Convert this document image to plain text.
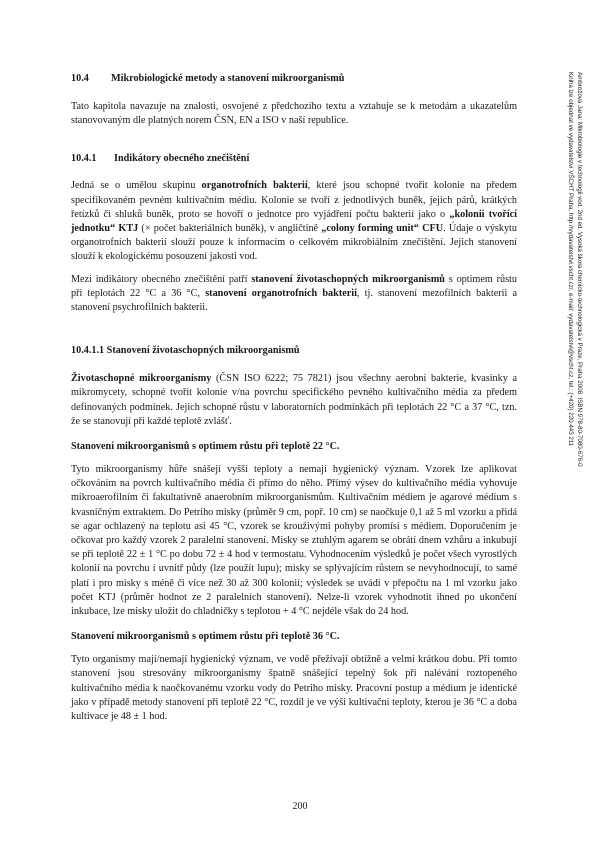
10.4 Mikrobiologické metody a stanovení mikroorganismů

Tato kapitola navazuje na znalosti, osvojené z předchozího textu a vztahuje se k metodám a ukazatelům stanovovaným dle platných norem ČSN, EN a ISO v naší republice.

10.4.1 Indikátory obecného znečištění

Jedná se o umělou skupinu organotrofních bakterií, které jsou schopné tvořit kolonie na předem specifikovaném pevném kultivačním médiu. Kolonie se tvoří z jednotlivých buněk, jejich párů, krátkých řetízků či shluků buněk, proto se hovoří o jednotce pro vyjádření počtu bakterií jako o „kolonii tvořící jednotku“ KTJ (× počet bakteriálních buněk), v angličtině „colony forming unit“ CFU. Údaje o výskytu organotrofních bakterií slouží pouze k informacím o celkovém mikrobiálním znečištění. Jejich stanovení slouží k ekologickému posouzení jakosti vod.

Mezi indikátory obecného znečištění patří stanovení životaschopných mikroorganismů s optimem růstu při teplotách 22 °C a 36 °C, stanovení organotrofních bakterií, tj. stanovení mezofilních bakterii a stanovení psychrofilních bakterii.

10.4.1.1 Stanovení životaschopných mikroorganismů

Životaschopné mikroorganismy (ČSN ISO 6222; 75 7821) jsou všechny aerobní bakterie, kvasinky a mikromycety, schopné tvořit kolonie v/na povrchu specifického pevného kultivačního média za předem definovaných podmínek. Jejich schopné růstu v laboratorních podmínkách při teplotách 22 °C a 37 °C, tzn. že se stanovují při každé teplotě zvlášť.

Stanovení mikroorganismů s optimem růstu při teplotě 22 °C.

Tyto mikroorganismy hůře snášejí vyšší teploty a nemají hygienický význam. Vzorek lze aplikovat očkováním na povrch kultivačního média či přímo do něho. Přímý výsev do kultivačního média vyhovuje mikroaerofilním či fakultativně anaerobním mikroorganismům. Kultivačním médiem je agarové médium s kvasničným extraktem. Do Petriho misky (průměr 9 cm, popř. 10 cm) se naočkuje 0,1 až 5 ml vzorku a přidá se agar ochlazený na teplotu asi 45 °C, vzorek se krouživými pohyby promísí s médiem. Doporučením je očkovat pro každý vzorek 2 paralelní stanovení. Misky se ztuhlým agarem se obrátí dnem vzhůru a inkubují se při teplotě 22 ± 1 °C po dobu 72 ± 4 hod v termostatu. Vyhodnocením výsledků je počet všech vyrostlých kolonií na povrchu i uvnitř půdy (lze použít lupu); misky se splývajícím růstem se nevyhodnocují, to samé platí i pro misky s méně či více než 30 až 300 kolonií; výsledek se uvádí v přepočtu na 1 ml vzorku jako počet KTJ (průměr hodnot ze 2 paralelních stanovení). Nelze-li vzorek vyhodnotit ihned po ukončení inkubace, lze misky uložit do chladničky s teplotou + 4 °C nejdéle však do 24 hod.

Stanovení mikroorganismů s optimem růstu při teplotě 36 °C.

Tyto organismy mají/nemají hygienický význam, ve vodě přežívají obtížně a velmi krátkou dobu. Při tomto stanovení jsou stresovány mikroorganismy špatně snášející tepelný šok při nalévání roztopeného kultivačního média k naočkovanému vzorku vody do Petriho misky. Pracovní postup a médium je identické jako v případě metody stanovení při teplotě 22 °C, rozdíl je ve výši kultivační teploty, kterou je 36 °C a doba kultivace je 48 ± 1 hod.

Ambrožová Jana: Mikrobiologie v technologii vod. 2nd ed. Vysoká škola chemicko-technologická v Praze, Praha 2008. ISBN 978-80-7080-676-0
Kniha lze objednat ve vydavatelství VŠCHT Praha, http://vydavatelstvi.vscht.cz/, e-mail: vydavatelstvi@vscht.cz, tel.: (+420) 220 443 211
200
